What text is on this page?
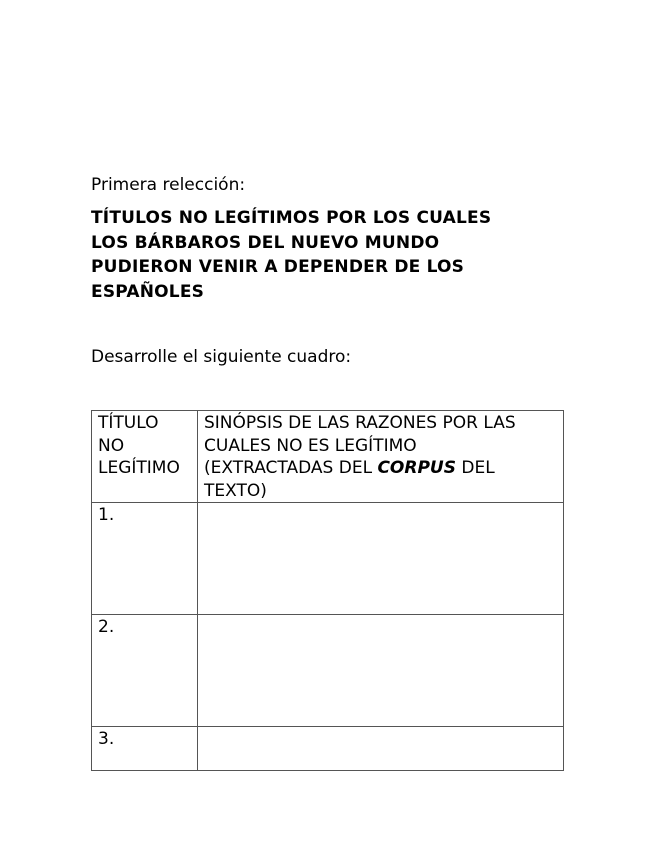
Primera relección:

TÍTULOS NO LEGÍTIMOS POR LOS CUALES
LOS BÁRBAROS DEL NUEVO MUNDO
PUDIERON VENIR A DEPENDER DE LOS
ESPAÑOLES

Desarrolle el siguiente cuadro:

TÍTULO
NO
LEGÍTIMO	SINÓPSIS DE LAS RAZONES POR LAS
CUALES NO ES LEGÍTIMO
(EXTRACTADAS DEL CORPUS DEL
TEXTO)
1.	
2.	
3.	
